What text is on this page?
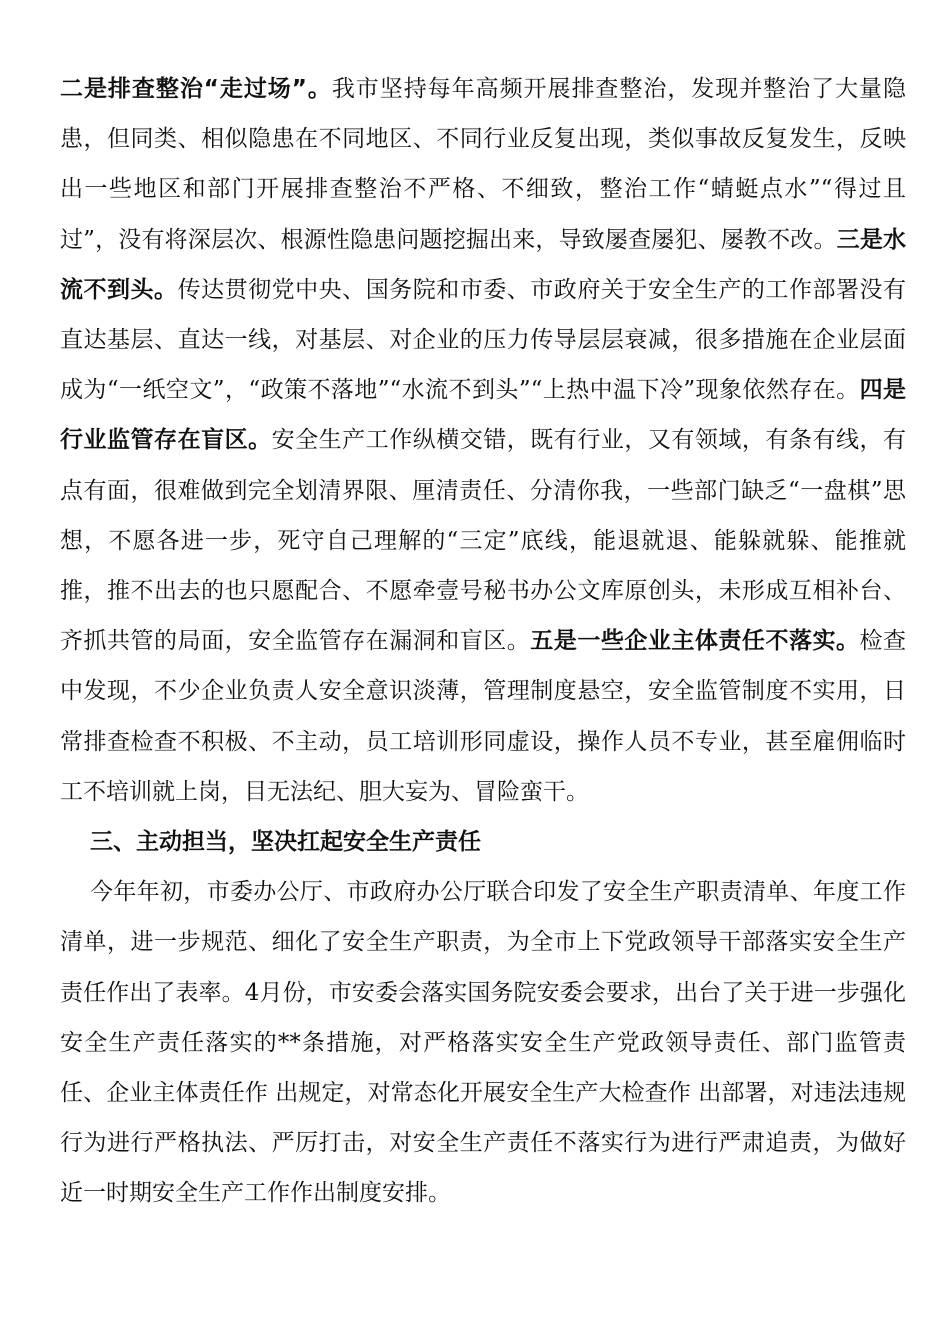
二是排查整治“走过场”。我市坚持每年高频开展排查整治，发现并整治了大量隐患，但同类、相似隐患在不同地区、不同行业反复出现，类似事故反复发生，反映出一些地区和部门开展排查整治不严格、不细致，整治工作“蜻蜓点水”“得过且过”，没有将深层次、根源性隐患问题挖掘出来，导致屡查屡犯、屡教不改。三是水流不到头。传达贯彻党中央、国务院和市委、市政府关于安全生产的工作部署没有直达基层、直达一线，对基层、对企业的压力传导层层衰减，很多措施在企业层面成为“一纸空文”，“政策不落地”“水流不到头”“上热中温下冷”现象依然存在。四是行业监管存在盲区。安全生产工作纵横交错，既有行业，又有领域，有条有线，有点有面，很难做到完全划清界限、厘清责任、分清你我，一些部门缺乏“一盘棋”思想，不愿各进一步，死守自己理解的“三定”底线，能退就退、能躲就躲、能推就推，推不出去的也只愿配合、不愿牵壹号秘书办公文库原创头，未形成互相补台、齐抓共管的局面，安全监管存在漏洞和盲区。五是一些企业主体责任不落实。检查中发现，不少企业负责人安全意识淡薄，管理制度悬空，安全监管制度不实用，日常排查检查不积极、不主动，员工培训形同虚设，操作人员不专业，甚至雇佣临时工不培训就上岗，目无法纪、胆大妄为、冒险蛮干。

三、主动担当，坚决扛起安全生产责任

今年年初，市委办公厅、市政府办公厅联合印发了安全生产职责清单、年度工作清单，进一步规范、细化了安全生产职责，为全市上下党政领导干部落实安全生产责任作出了表率。4月份，市安委会落实国务院安委会要求，出台了关于进一步强化安全生产责任落实的**条措施，对严格落实安全生产党政领导责任、部门监管责任、企业主体责任作 出规定，对常态化开展安全生产大检查作 出部署，对违法违规行为进行严格执法、严厉打击，对安全生产责任不落实行为进行严肃追责，为做好近一时期安全生产工作作出制度安排。
